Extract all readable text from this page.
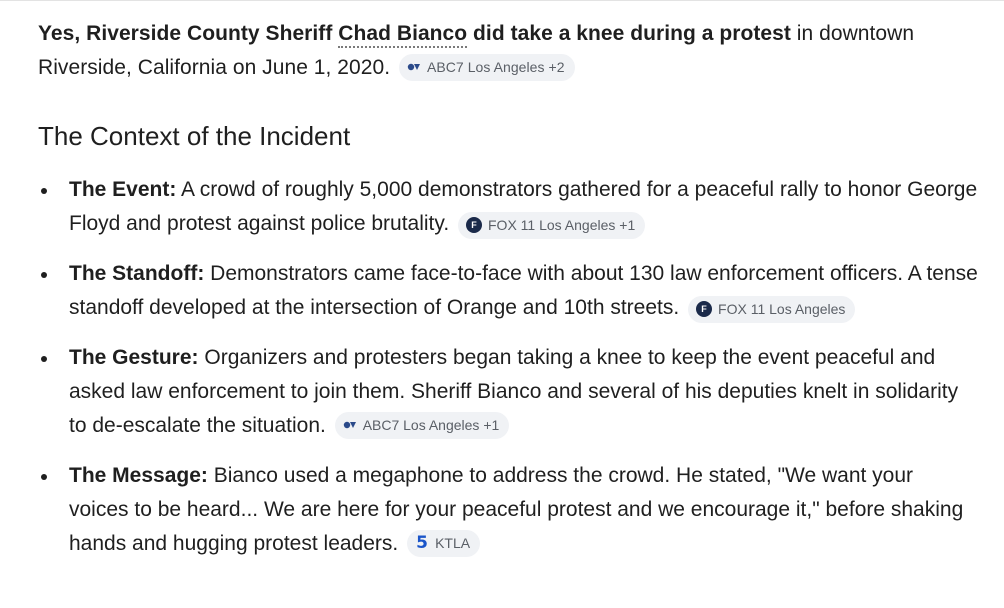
Yes, Riverside County Sheriff Chad Bianco did take a knee during a protest in downtown Riverside, California on June 1, 2020.	ABC7 Los Angeles +2

The Context of the Incident
The Event: A crowd of roughly 5,000 demonstrators gathered for a peaceful rally to honor George Floyd and protest against police brutality.	F FOX 11 Los Angeles +1
The Standoff: Demonstrators came face-to-face with about 130 law enforcement officers. A tense standoff developed at the intersection of Orange and 10th streets.	F FOX 11 Los Angeles
The Gesture: Organizers and protesters began taking a knee to keep the event peaceful and asked law enforcement to join them. Sheriff Bianco and several of his deputies knelt in solidarity to de-escalate the situation.	ABC7 Los Angeles +1
The Message: Bianco used a megaphone to address the crowd. He stated, "We want your voices to be heard... We are here for your peaceful protest and we encourage it," before shaking hands and hugging protest leaders. 5 KTLA
